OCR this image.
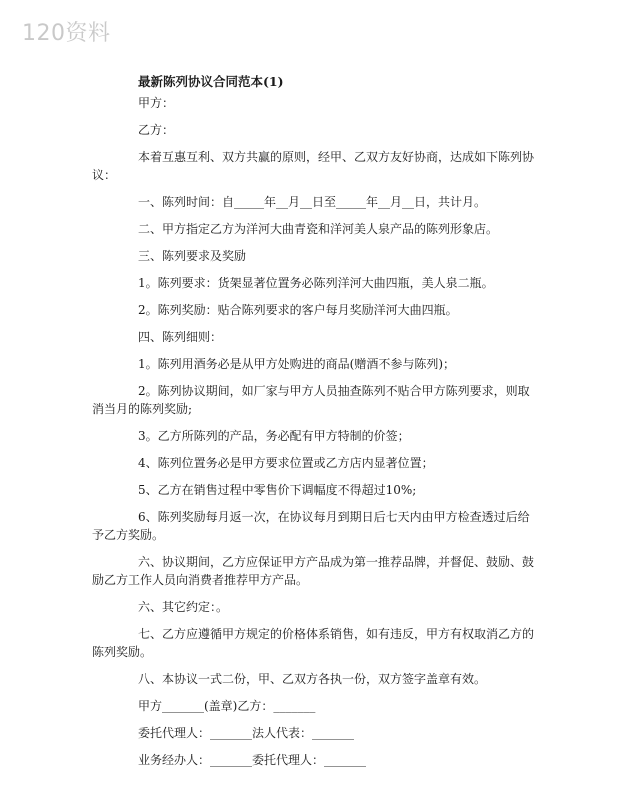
120资料
最新陈列协议合同范本(1)

甲方：

乙方：

本着互惠互利、双方共赢的原则，经甲、乙双方友好协商，达成如下陈列协议：

一、陈列时间：自_____年__月__日至_____年__月__日，共计月。

二、甲方指定乙方为洋河大曲青瓷和洋河美人泉产品的陈列形象店。

三、陈列要求及奖励

1。陈列要求：货架显著位置务必陈列洋河大曲四瓶，美人泉二瓶。

2。陈列奖励：贴合陈列要求的客户每月奖励洋河大曲四瓶。

四、陈列细则：

1。陈列用酒务必是从甲方处购进的商品(赠酒不参与陈列)；

2。陈列协议期间，如厂家与甲方人员抽查陈列不贴合甲方陈列要求，则取消当月的陈列奖励;

3。乙方所陈列的产品，务必配有甲方特制的价签；

4、陈列位置务必是甲方要求位置或乙方店内显著位置；

5、乙方在销售过程中零售价下调幅度不得超过10%;

6、陈列奖励每月返一次，在协议每月到期日后七天内由甲方检查透过后给予乙方奖励。

六、协议期间，乙方应保证甲方产品成为第一推荐品牌，并督促、鼓励、鼓励乙方工作人员向消费者推荐甲方产品。

六、其它约定：。

七、乙方应遵循甲方规定的价格体系销售，如有违反，甲方有权取消乙方的陈列奖励。

八、本协议一式二份，甲、乙双方各执一份，双方签字盖章有效。

甲方_______(盖章)乙方：_______

委托代理人：_______法人代表：_______

业务经办人：_______委托代理人：_______
